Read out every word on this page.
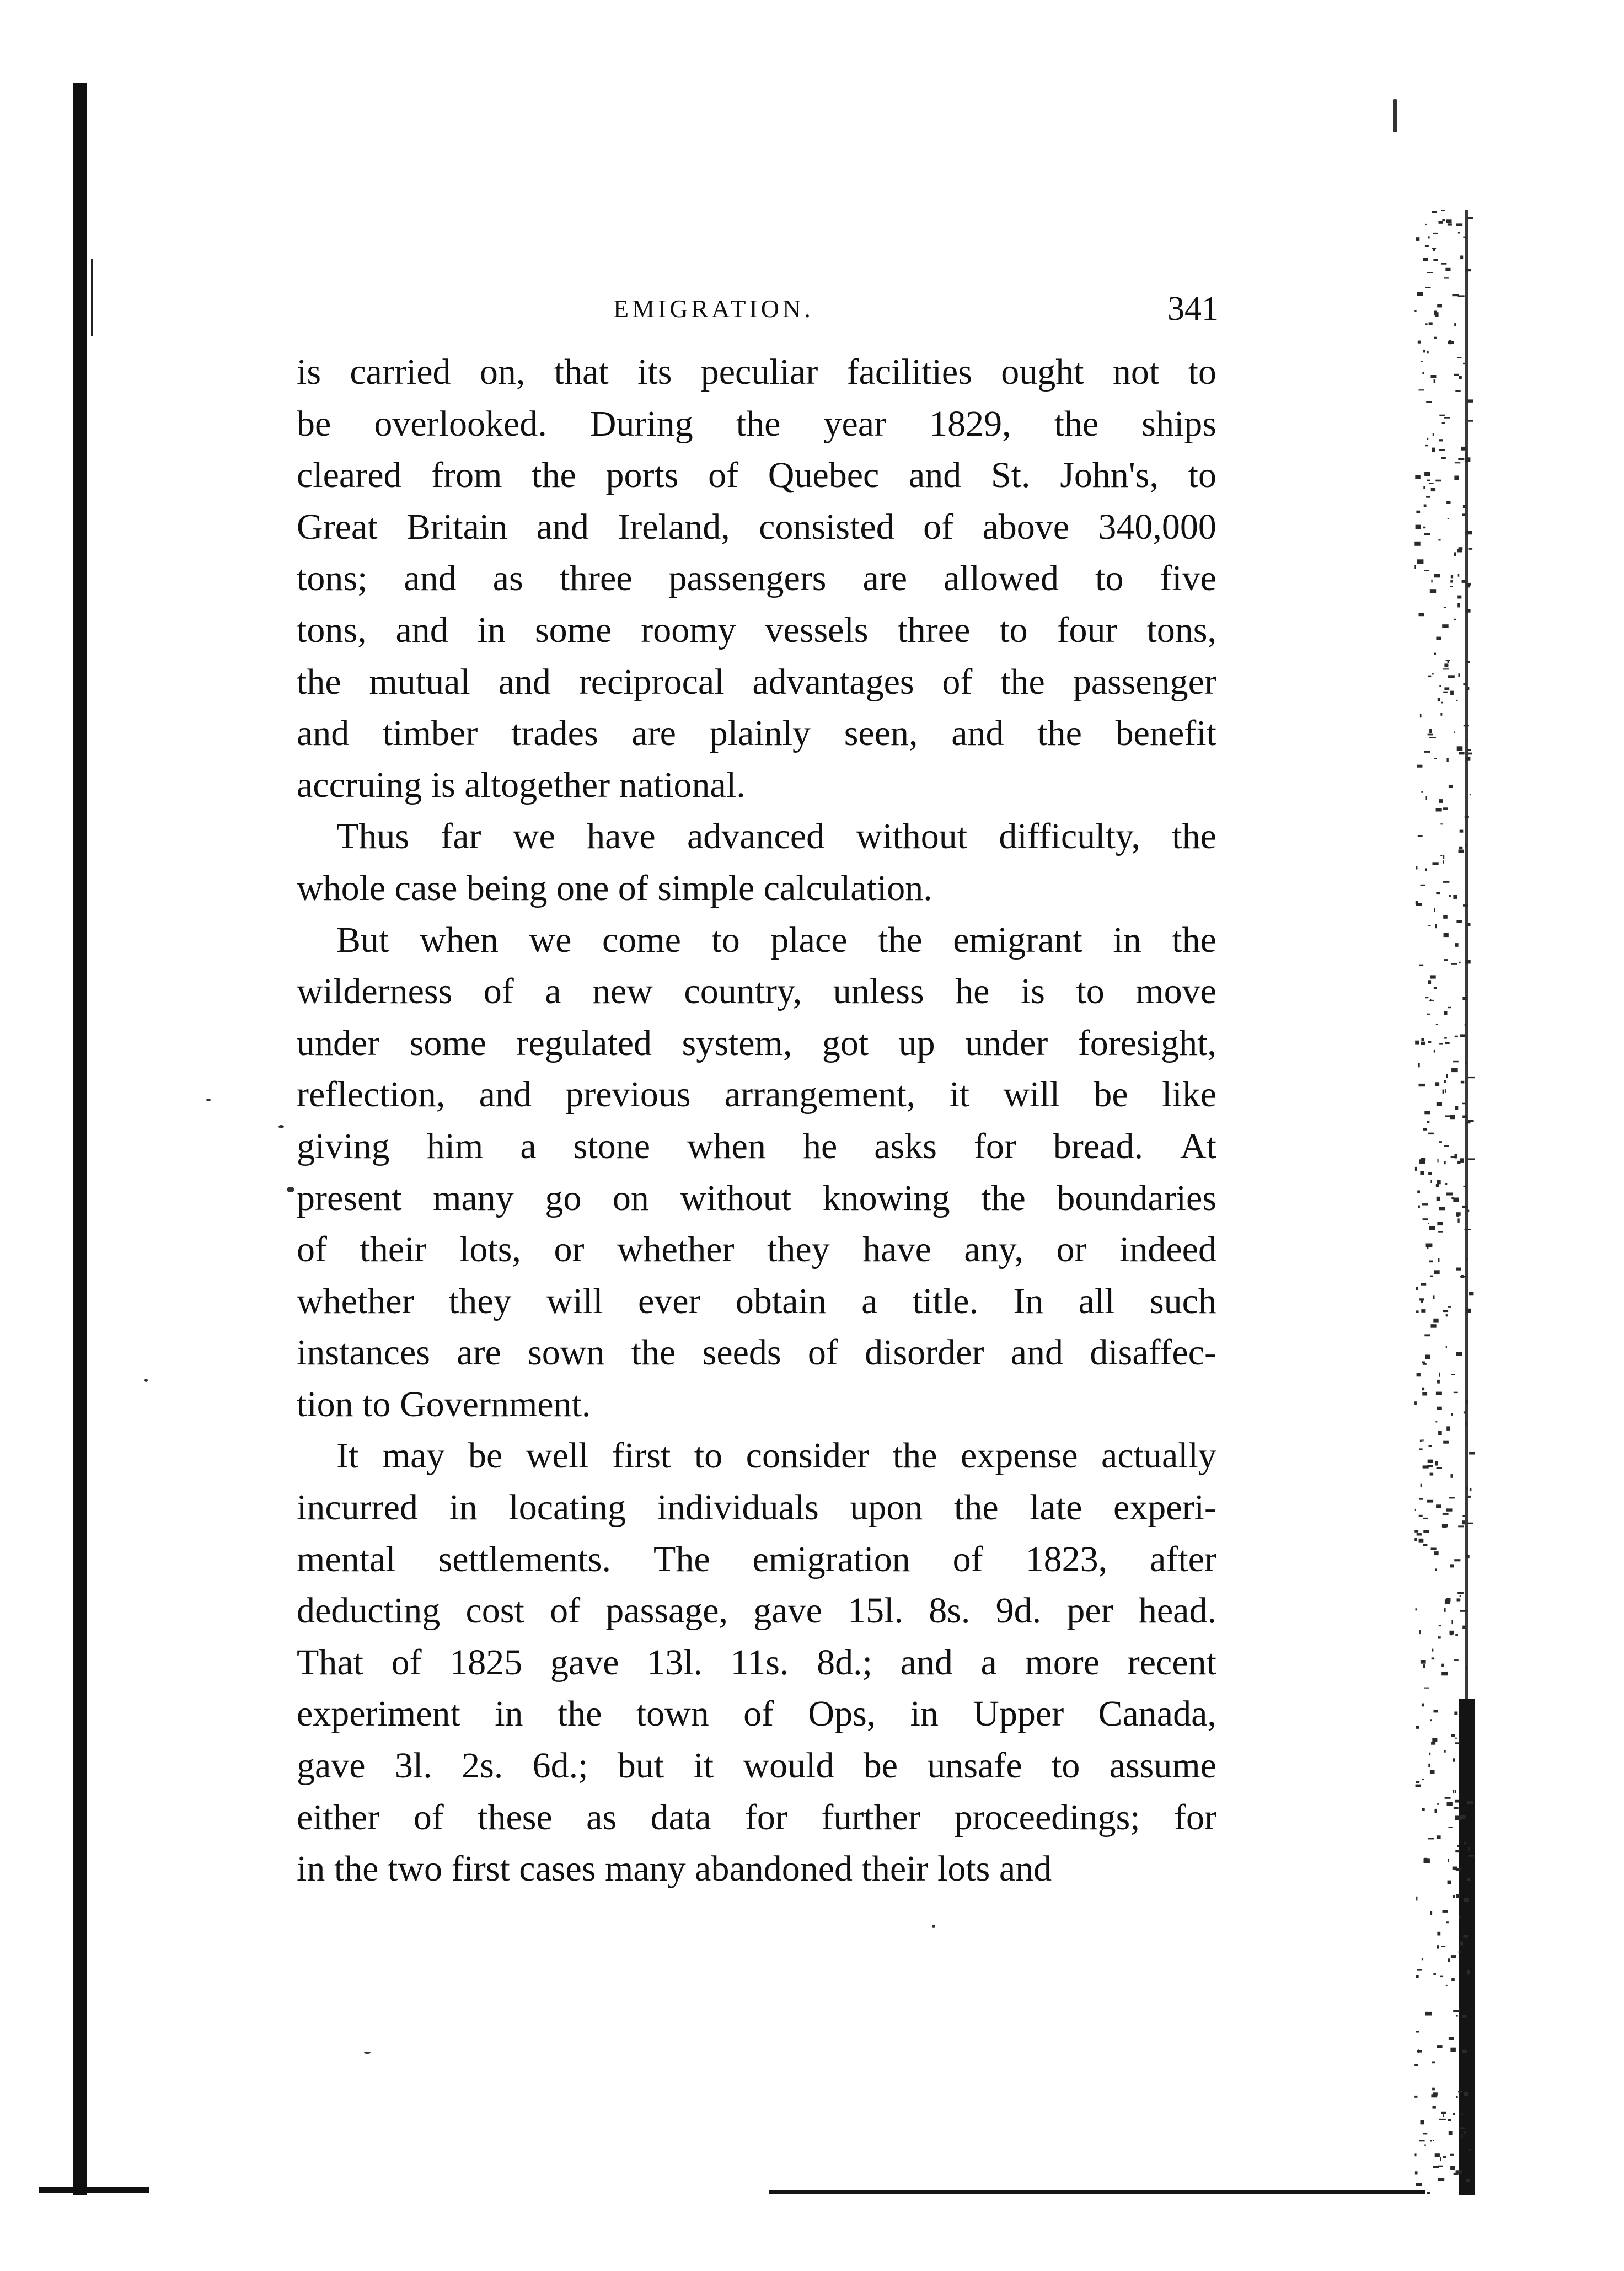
EMIGRATION.	341
is carried on, that its peculiar facilities ought not to
be overlooked. During the year 1829, the ships
cleared from the ports of Quebec and St. John's, to
Great Britain and Ireland, consisted of above 340,000
tons; and as three passengers are allowed to five
tons, and in some roomy vessels three to four tons,
the mutual and reciprocal advantages of the passenger
and timber trades are plainly seen, and the benefit
accruing is altogether national.
Thus far we have advanced without difficulty, the
whole case being one of simple calculation.
But when we come to place the emigrant in the
wilderness of a new country, unless he is to move
under some regulated system, got up under foresight,
reflection, and previous arrangement, it will be like
giving him a stone when he asks for bread. At
present many go on without knowing the boundaries
of their lots, or whether they have any, or indeed
whether they will ever obtain a title. In all such
instances are sown the seeds of disorder and disaffec-
tion to Government.
It may be well first to consider the expense actually
incurred in locating individuals upon the late experi-
mental settlements. The emigration of 1823, after
deducting cost of passage, gave 15l. 8s. 9d. per head.
That of 1825 gave 13l. 11s. 8d.; and a more recent
experiment in the town of Ops, in Upper Canada,
gave 3l. 2s. 6d.; but it would be unsafe to assume
either of these as data for further proceedings; for
in the two first cases many abandoned their lots and
